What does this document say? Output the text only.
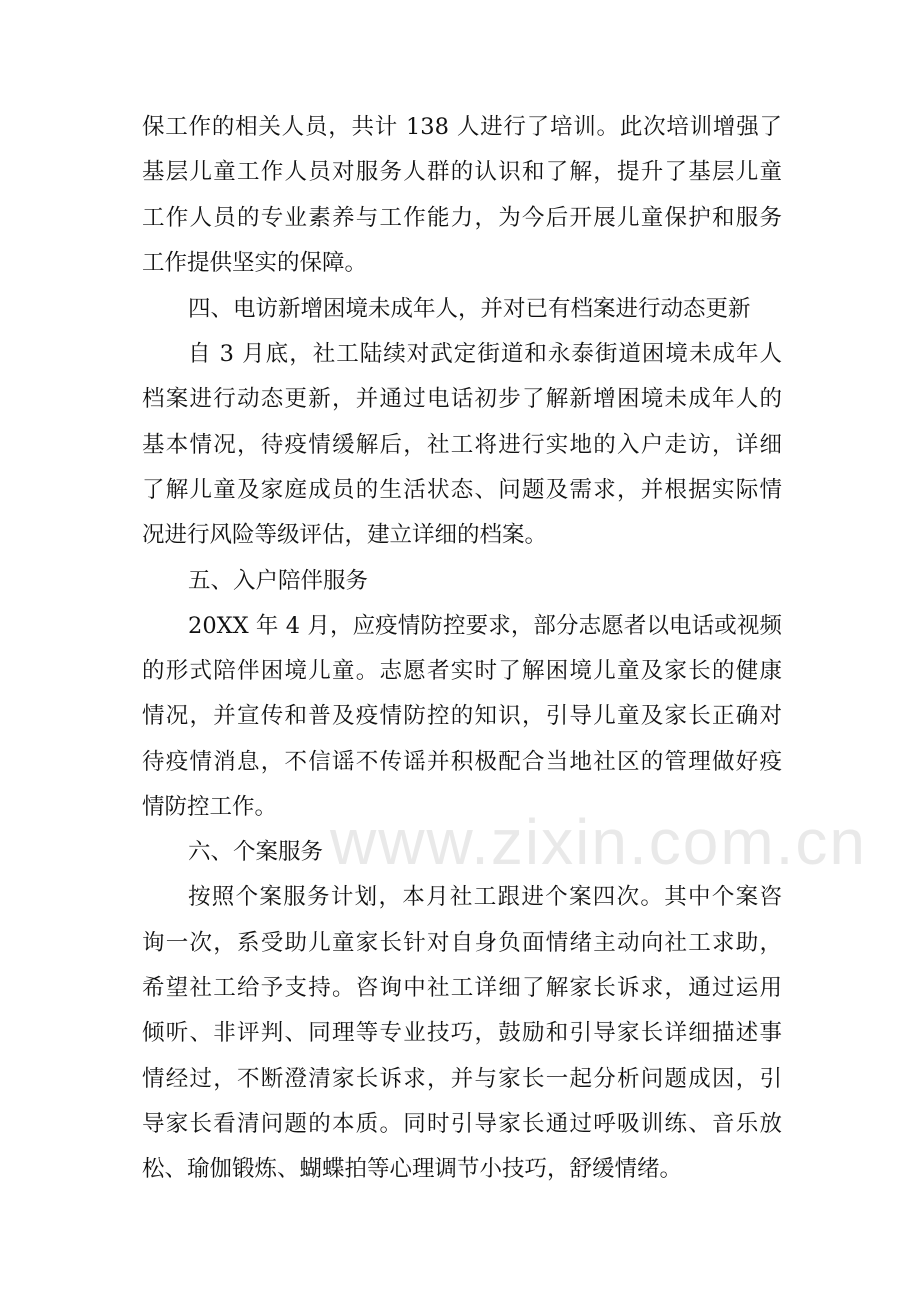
www.zixin.com.cn
保工作的相关人员，共计 138 人进行了培训。此次培训增强了
基层儿童工作人员对服务人群的认识和了解，提升了基层儿童
工作人员的专业素养与工作能力，为今后开展儿童保护和服务
工作提供坚实的保障。
四、电访新增困境未成年人，并对已有档案进行动态更新
自 3 月底，社工陆续对武定街道和永泰街道困境未成年人
档案进行动态更新，并通过电话初步了解新增困境未成年人的
基本情况，待疫情缓解后，社工将进行实地的入户走访，详细
了解儿童及家庭成员的生活状态、问题及需求，并根据实际情
况进行风险等级评估，建立详细的档案。
五、入户陪伴服务
20XX 年 4 月，应疫情防控要求，部分志愿者以电话或视频
的形式陪伴困境儿童。志愿者实时了解困境儿童及家长的健康
情况，并宣传和普及疫情防控的知识，引导儿童及家长正确对
待疫情消息，不信谣不传谣并积极配合当地社区的管理做好疫
情防控工作。
六、个案服务
按照个案服务计划，本月社工跟进个案四次。其中个案咨
询一次，系受助儿童家长针对自身负面情绪主动向社工求助，
希望社工给予支持。咨询中社工详细了解家长诉求，通过运用
倾听、非评判、同理等专业技巧，鼓励和引导家长详细描述事
情经过，不断澄清家长诉求，并与家长一起分析问题成因，引
导家长看清问题的本质。同时引导家长通过呼吸训练、音乐放
松、瑜伽锻炼、蝴蝶拍等心理调节小技巧，舒缓情绪。
